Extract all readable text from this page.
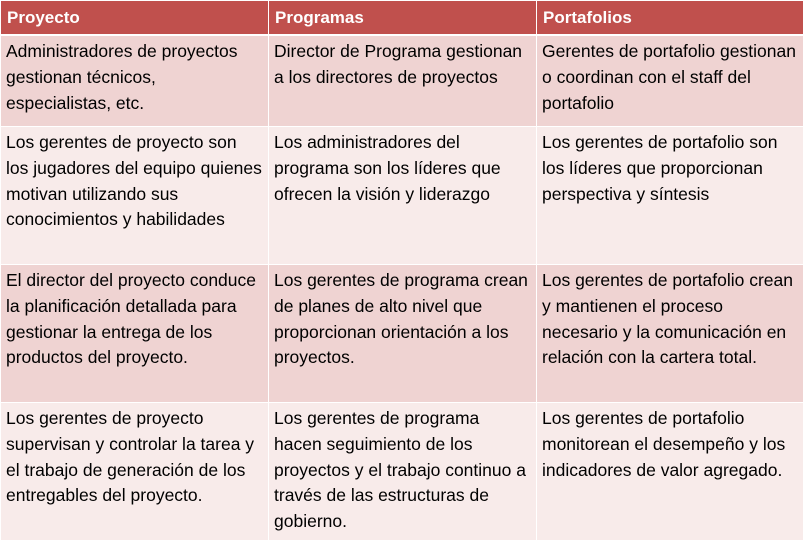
Proyecto	Programas	Portafolios
Administradores de proyectos gestionan técnicos, especialistas, etc.	Director de Programa gestionan a los directores de proyectos	Gerentes de portafolio gestionan o coordinan con el staff del portafolio
Los gerentes de proyecto son los jugadores del equipo quienes motivan utilizando sus conocimientos y habilidades	Los administradores del programa son los líderes que ofrecen la visión y liderazgo	Los gerentes de portafolio son los líderes que proporcionan perspectiva y síntesis
El director del proyecto conduce la planificación detallada para gestionar la entrega de los productos del proyecto.	Los gerentes de programa crean de planes de alto nivel que proporcionan orientación a los proyectos.	Los gerentes de portafolio crean y mantienen el proceso necesario y la comunicación en relación con la cartera total.
Los gerentes de proyecto supervisan y controlar la tarea y el trabajo de generación de los entregables del proyecto.	Los gerentes de programa hacen seguimiento de los proyectos y el trabajo continuo a través de las estructuras de gobierno.	Los gerentes de portafolio monitorean el desempeño y los indicadores de valor agregado.
